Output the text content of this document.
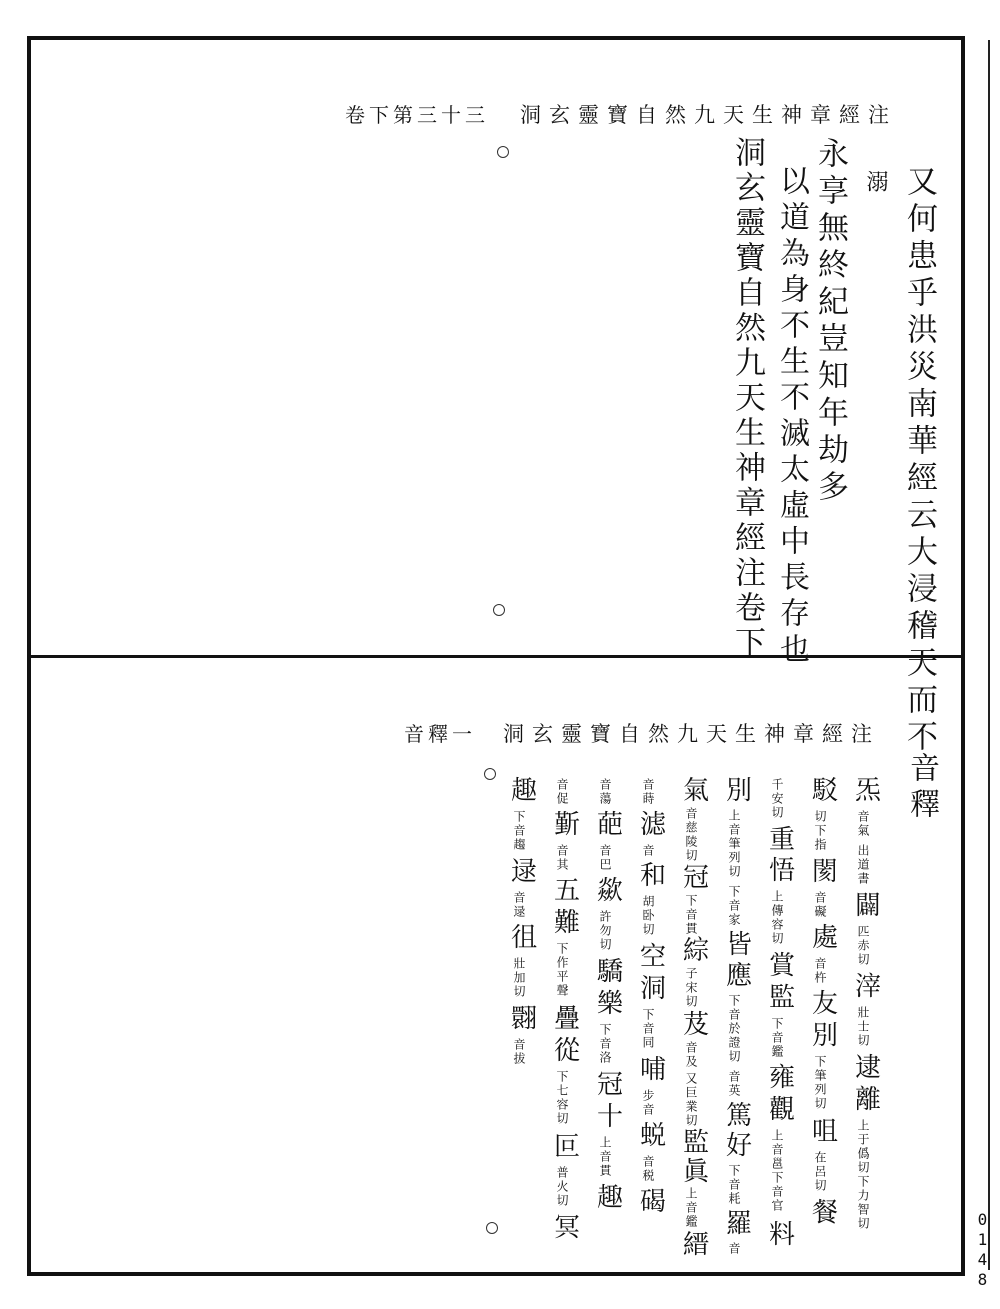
洞玄靈寶自然九天生神章經注
卷下第三十三
又何患乎洪災南華經云大浸稽天而不
溺
永享無終紀豈知年劫多
以道為身不生不滅太虛中長存也
洞玄靈寶自然九天生神章經注卷下
洞玄靈寶自然九天生神章經注
音釋一
音釋
炁
音氣
出道書
闢
匹赤切
滓
壯士切
逮
離
上于僞切下力智切
駁
切下指
閡
音礙
處
音杵
友
別
下筆列切
咀
在呂切
餐
千安切
重
悟
上傳容切
賞
監
下音鑑
雍
觀
上音邕下音官
料
別
上音筆列切
下音家
皆
應
下音於證切
音英
篤
好
下音耗
羅
音
氣
音慈陵切
冠
下音貫
綜
子宋切
芨
音及
又巨業切
監
眞
上音鑑
縉
音蒔
滤
音
和
胡卧切
空
洞
下音同
哺
步音
蜕
音税
碣
音蕩
葩
音巴
歘
許勿切
驕
樂
下音洛
冠
十
上音貫
趣
音促
斳
音其
五
難
下作平聲
疊
從
下七容切
叵
普火切
冥
趣
下音趨
逯
音逯
徂
壯加切
翾
音拔
0148
